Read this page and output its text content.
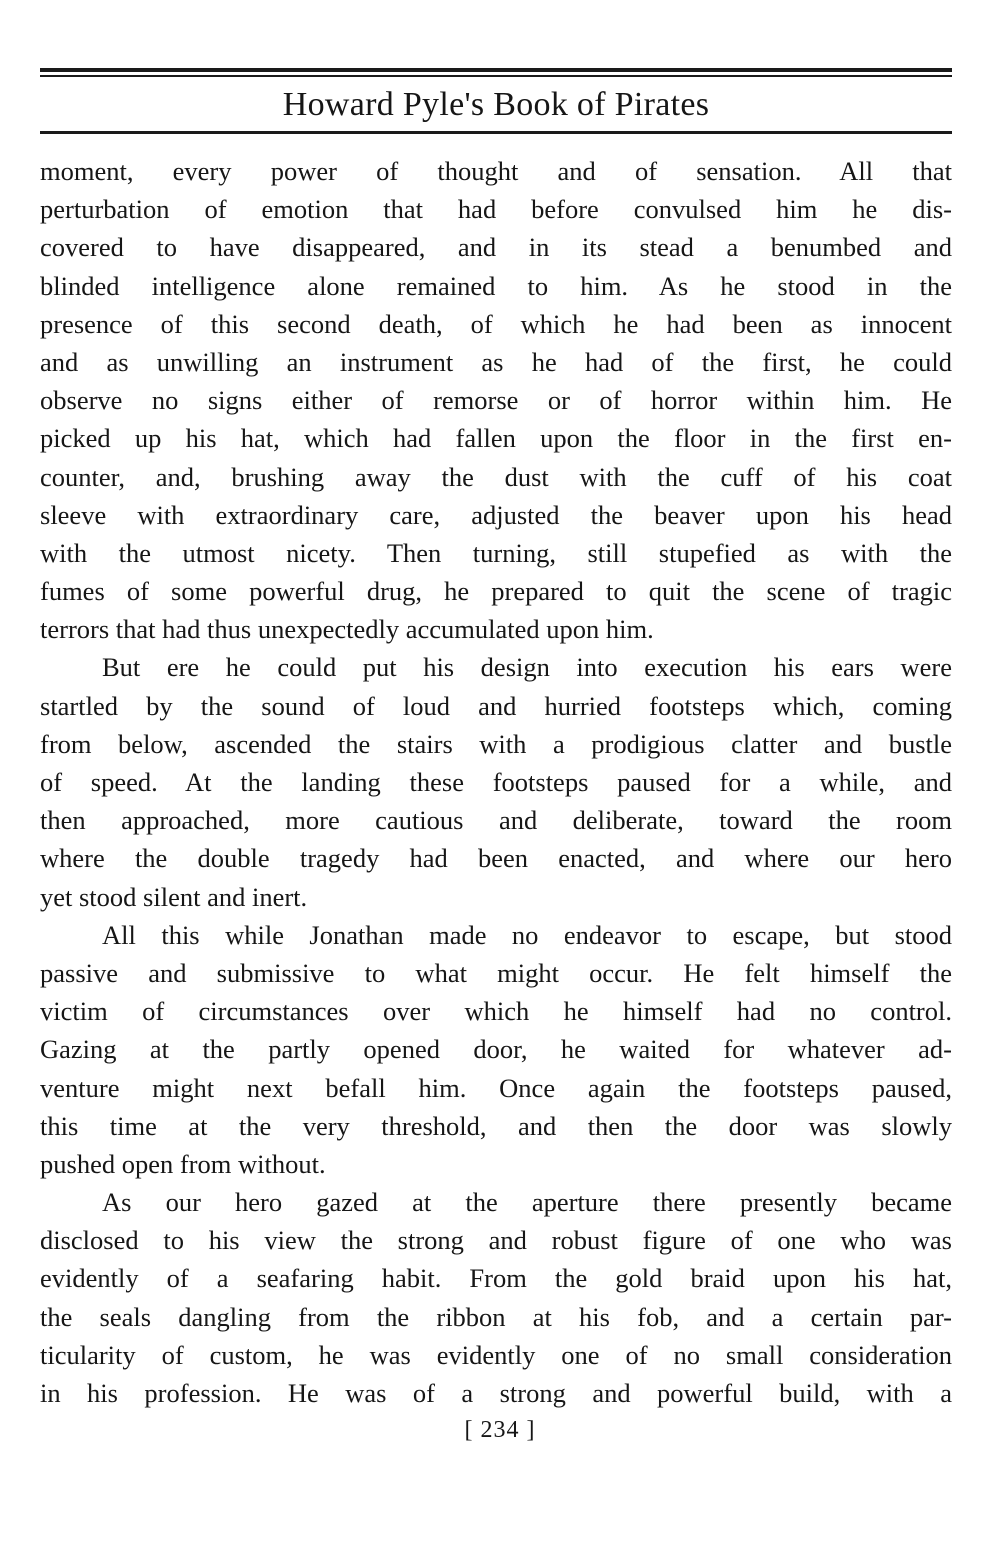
Howard Pyle's Book of Pirates
moment, every power of thought and of sensation. All that
perturbation of emotion that had before convulsed him he dis-
covered to have disappeared, and in its stead a benumbed and
blinded intelligence alone remained to him. As he stood in the
presence of this second death, of which he had been as innocent
and as unwilling an instrument as he had of the first, he could
observe no signs either of remorse or of horror within him. He
picked up his hat, which had fallen upon the floor in the first en-
counter, and, brushing away the dust with the cuff of his coat
sleeve with extraordinary care, adjusted the beaver upon his head
with the utmost nicety. Then turning, still stupefied as with the
fumes of some powerful drug, he prepared to quit the scene of tragic
terrors that had thus unexpectedly accumulated upon him.
But ere he could put his design into execution his ears were
startled by the sound of loud and hurried footsteps which, coming
from below, ascended the stairs with a prodigious clatter and bustle
of speed. At the landing these footsteps paused for a while, and
then approached, more cautious and deliberate, toward the room
where the double tragedy had been enacted, and where our hero
yet stood silent and inert.
All this while Jonathan made no endeavor to escape, but stood
passive and submissive to what might occur. He felt himself the
victim of circumstances over which he himself had no control.
Gazing at the partly opened door, he waited for whatever ad-
venture might next befall him. Once again the footsteps paused,
this time at the very threshold, and then the door was slowly
pushed open from without.
As our hero gazed at the aperture there presently became
disclosed to his view the strong and robust figure of one who was
evidently of a seafaring habit. From the gold braid upon his hat,
the seals dangling from the ribbon at his fob, and a certain par-
ticularity of custom, he was evidently one of no small consideration
in his profession. He was of a strong and powerful build, with a
[ 234 ]
